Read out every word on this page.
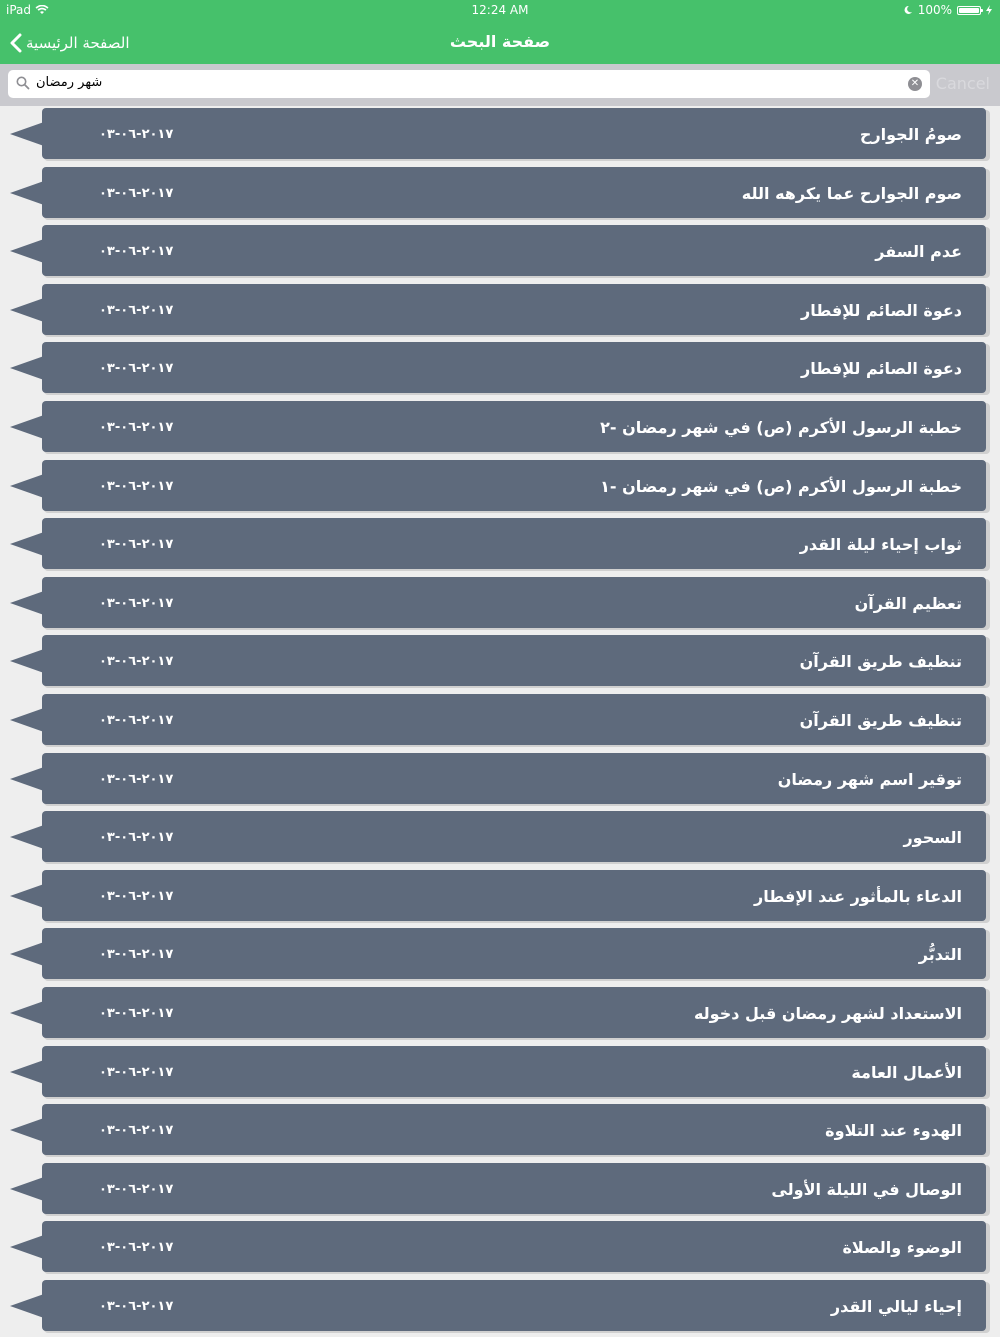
iPad	12:24 AM	100%
الصفحة الرئيسية	صفحة البحث
شهر رمضان	✕ Cancel
٢٠١٧-٠٦-٠٣	صومُ الجوارح
٢٠١٧-٠٦-٠٣	صوم الجوارح عما يكرهه الله
٢٠١٧-٠٦-٠٣	عدم السفر
٢٠١٧-٠٦-٠٣	دعوة الصائم للإفطار
٢٠١٧-٠٦-٠٣	دعوة الصائم للإفطار
٢٠١٧-٠٦-٠٣	خطبة الرسول الأكرم (ص) في شهر رمضان -٢
٢٠١٧-٠٦-٠٣	خطبة الرسول الأكرم (ص) في شهر رمضان -١
٢٠١٧-٠٦-٠٣	ثواب إحياء ليلة القدر
٢٠١٧-٠٦-٠٣	تعظيم القرآن
٢٠١٧-٠٦-٠٣	تنظيف طريق القرآن
٢٠١٧-٠٦-٠٣	تنظيف طريق القرآن
٢٠١٧-٠٦-٠٣	توقير اسم شهر رمضان
٢٠١٧-٠٦-٠٣	السحور
٢٠١٧-٠٦-٠٣	الدعاء بالمأثور عند الإفطار
٢٠١٧-٠٦-٠٣	التدبُّر
٢٠١٧-٠٦-٠٣	الاستعداد لشهر رمضان قبل دخوله
٢٠١٧-٠٦-٠٣	الأعمال العامة
٢٠١٧-٠٦-٠٣	الهدوء عند التلاوة
٢٠١٧-٠٦-٠٣	الوصال في الليلة الأولى
٢٠١٧-٠٦-٠٣	الوضوء والصلاة
٢٠١٧-٠٦-٠٣	إحياء ليالي القدر
